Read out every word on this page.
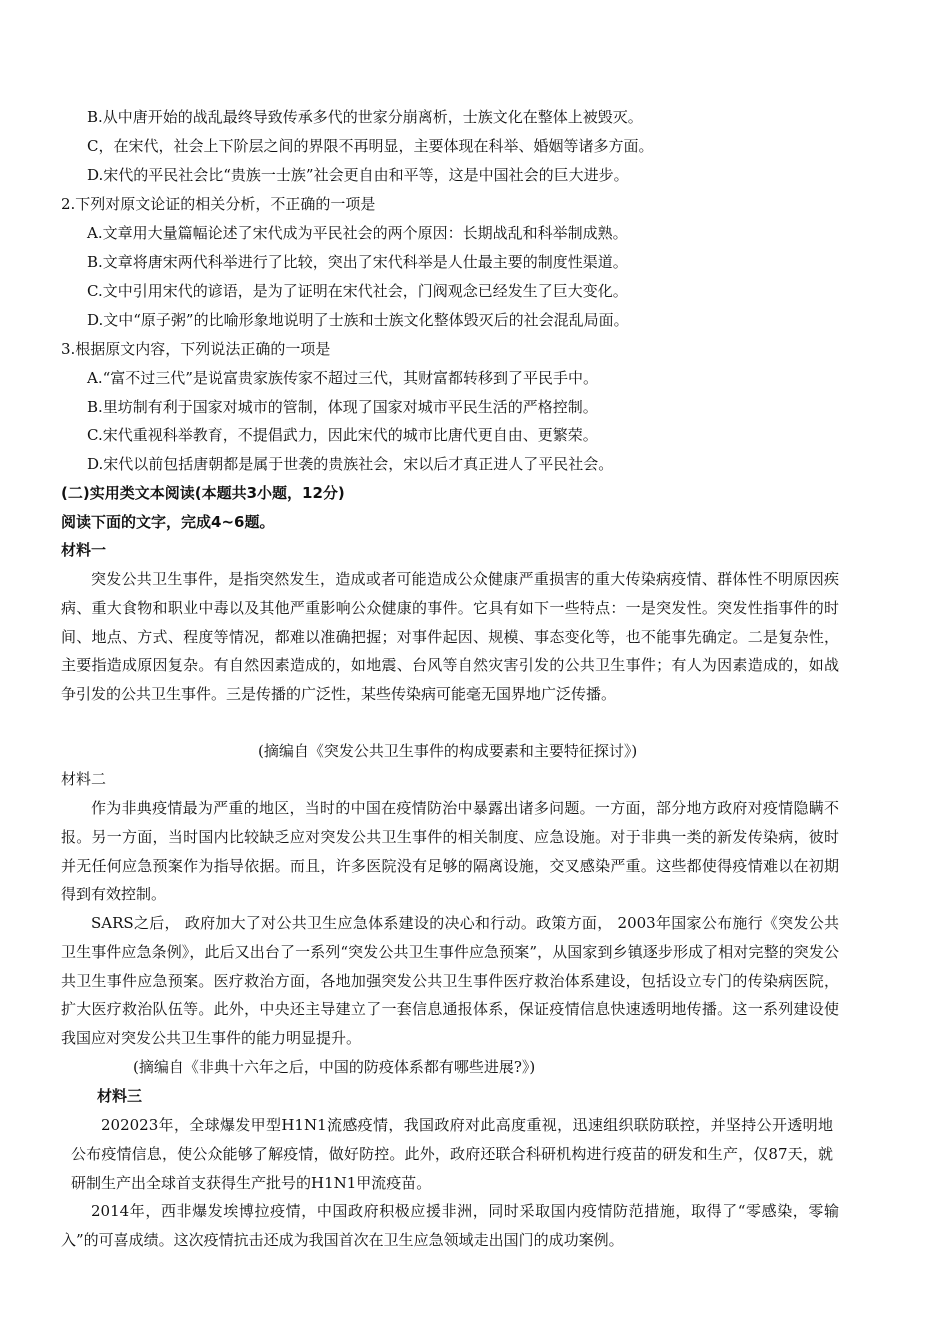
B.从中唐开始的战乱最终导致传承多代的世家分崩离析，士族文化在整体上被毁灭。
C，在宋代，社会上下阶层之间的界限不再明显，主要体现在科举、婚姻等诸多方面。
D.宋代的平民社会比“贵族一士族”社会更自由和平等，这是中国社会的巨大进步。
2.下列对原文论证的相关分析，不正确的一项是
A.文章用大量篇幅论述了宋代成为平民社会的两个原因：长期战乱和科举制成熟。
B.文章将唐宋两代科举进行了比较，突出了宋代科举是人仕最主要的制度性渠道。
C.文中引用宋代的谚语，是为了证明在宋代社会，门阀观念已经发生了巨大变化。
D.文中“原子粥”的比喻形象地说明了士族和士族文化整体毁灭后的社会混乱局面。
3.根据原文内容，下列说法正确的一项是
A.“富不过三代”是说富贵家族传家不超过三代，其财富都转移到了平民手中。
B.里坊制有利于国家对城市的管制，体现了国家对城市平民生活的严格控制。
C.宋代重视科举教育，不提倡武力，因此宋代的城市比唐代更自由、更繁荣。
D.宋代以前包括唐朝都是属于世袭的贵族社会，宋以后才真正进人了平民社会。
(二)实用类文本阅读(本题共3小题，12分)
阅读下面的文字，完成4~6题。
材料一

突发公共卫生事件，是指突然发生，造成或者可能造成公众健康严重损害的重大传染病疫情、群体性不明原因疾病、重大食物和职业中毒以及其他严重影响公众健康的事件。它具有如下一些特点：一是突发性。突发性指事件的时间、地点、方式、程度等情况，都难以准确把握；对事件起因、规模、事态变化等，也不能事先确定。二是复杂性，主要指造成原因复杂。有自然因素造成的，如地震、台风等自然灾害引发的公共卫生事件；有人为因素造成的，如战争引发的公共卫生事件。三是传播的广泛性，某些传染病可能毫无国界地广泛传播。

(摘编自《突发公共卫生事件的构成要素和主要特征探讨》)
材料二

作为非典疫情最为严重的地区，当时的中国在疫情防治中暴露出诸多问题。一方面，部分地方政府对疫情隐瞒不报。另一方面，当时国内比较缺乏应对突发公共卫生事件的相关制度、应急设施。对于非典一类的新发传染病，彼时并无任何应急预案作为指导依据。而且，许多医院没有足够的隔离设施，交叉感染严重。这些都使得疫情难以在初期得到有效控制。

SARS之后， 政府加大了对公共卫生应急体系建设的决心和行动。政策方面， 2003年国家公布施行《突发公共卫生事件应急条例》，此后又出台了一系列“突发公共卫生事件应急预案”，从国家到乡镇逐步形成了相对完整的突发公共卫生事件应急预案。医疗救治方面，各地加强突发公共卫生事件医疗救治体系建设，包括设立专门的传染病医院，扩大医疗救治队伍等。此外，中央还主导建立了一套信息通报体系，保证疫情信息快速透明地传播。这一系列建设使我国应对突发公共卫生事件的能力明显提升。

(摘编自《非典十六年之后，中国的防疫体系都有哪些进展?》)
材料三

202023年，全球爆发甲型H1N1流感疫情，我国政府对此高度重视，迅速组织联防联控，并坚持公开透明地公布疫情信息，使公众能够了解疫情，做好防控。此外，政府还联合科研机构进行疫苗的研发和生产，仅87天，就研制生产出全球首支获得生产批号的H1N1甲流疫苗。

2014年，西非爆发埃博拉疫情，中国政府积极应援非洲，同时采取国内疫情防范措施，取得了“零感染，零输入”的可喜成绩。这次疫情抗击还成为我国首次在卫生应急领域走出国门的成功案例。
